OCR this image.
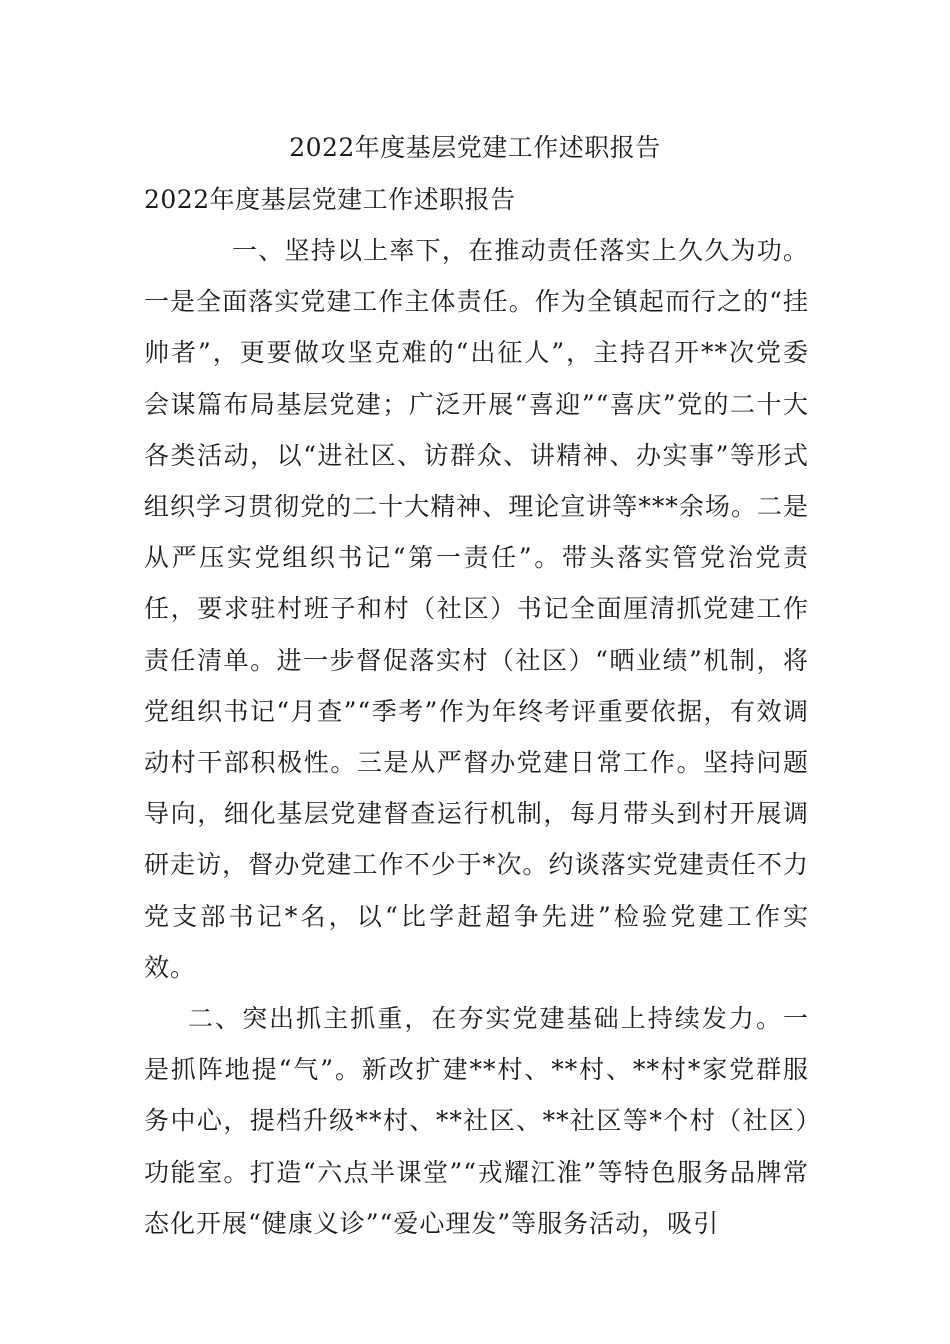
2022年度基层党建工作述职报告

2022年度基层党建工作述职报告

一、坚持以上率下，在推动责任落实上久久为功。一是全面落实党建工作主体责任。作为全镇起而行之的“挂帅者”，更要做攻坚克难的“出征人”，主持召开**次党委会谋篇布局基层党建；广泛开展“喜迎”“喜庆”党的二十大各类活动，以“进社区、访群众、讲精神、办实事”等形式组织学习贯彻党的二十大精神、理论宣讲等***余场。二是从严压实党组织书记“第一责任”。带头落实管党治党责任，要求驻村班子和村（社区）书记全面厘清抓党建工作责任清单。进一步督促落实村（社区）“晒业绩”机制，将党组织书记“月查”“季考”作为年终考评重要依据，有效调动村干部积极性。三是从严督办党建日常工作。坚持问题导向，细化基层党建督查运行机制，每月带头到村开展调研走访，督办党建工作不少于*次。约谈落实党建责任不力党支部书记*名，以“比学赶超争先进”检验党建工作实效。

二、突出抓主抓重，在夯实党建基础上持续发力。一是抓阵地提“气”。新改扩建**村、**村、**村*家党群服务中心，提档升级**村、**社区、**社区等*个村（社区）功能室。打造“六点半课堂”“戎耀江淮”等特色服务品牌常态化开展“健康义诊”“爱心理发”等服务活动，吸引
